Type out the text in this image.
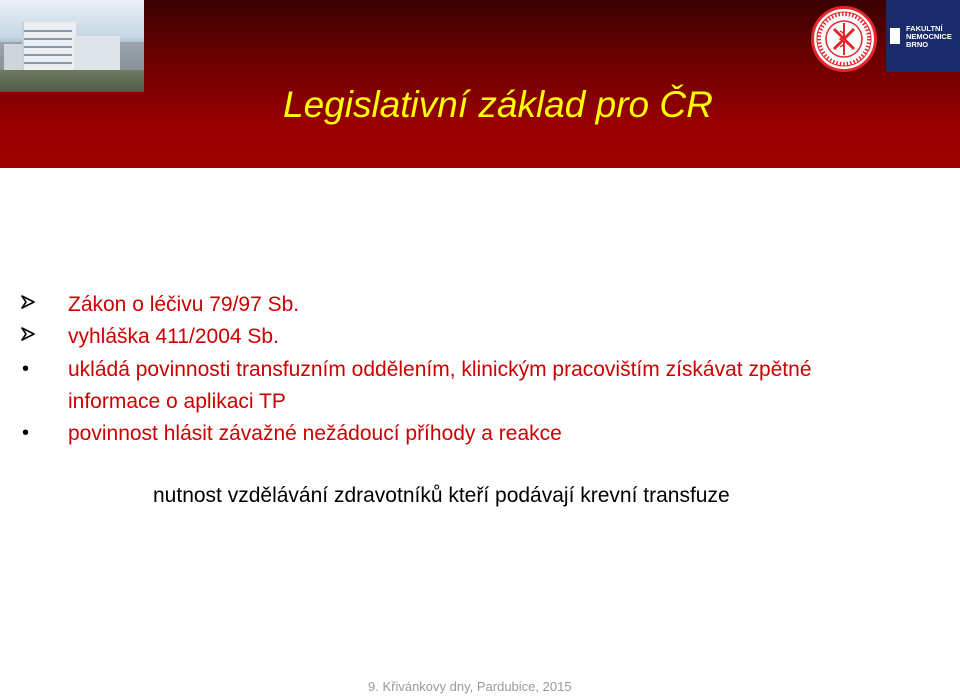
FAKULTNÍ
NEMOCNICE
BRNO
Legislativní základ pro ČR
Zákon o léčivu 79/97 Sb.
vyhláška 411/2004 Sb.
• ukládá povinnosti transfuzním oddělením, klinickým pracovištím získávat zpětné
informace o aplikaci TP
• povinnost hlásit závažné nežádoucí příhody a reakce
nutnost vzdělávání zdravotníků kteří podávají krevní transfuze
9. Křivánkovy dny, Pardubice, 2015
